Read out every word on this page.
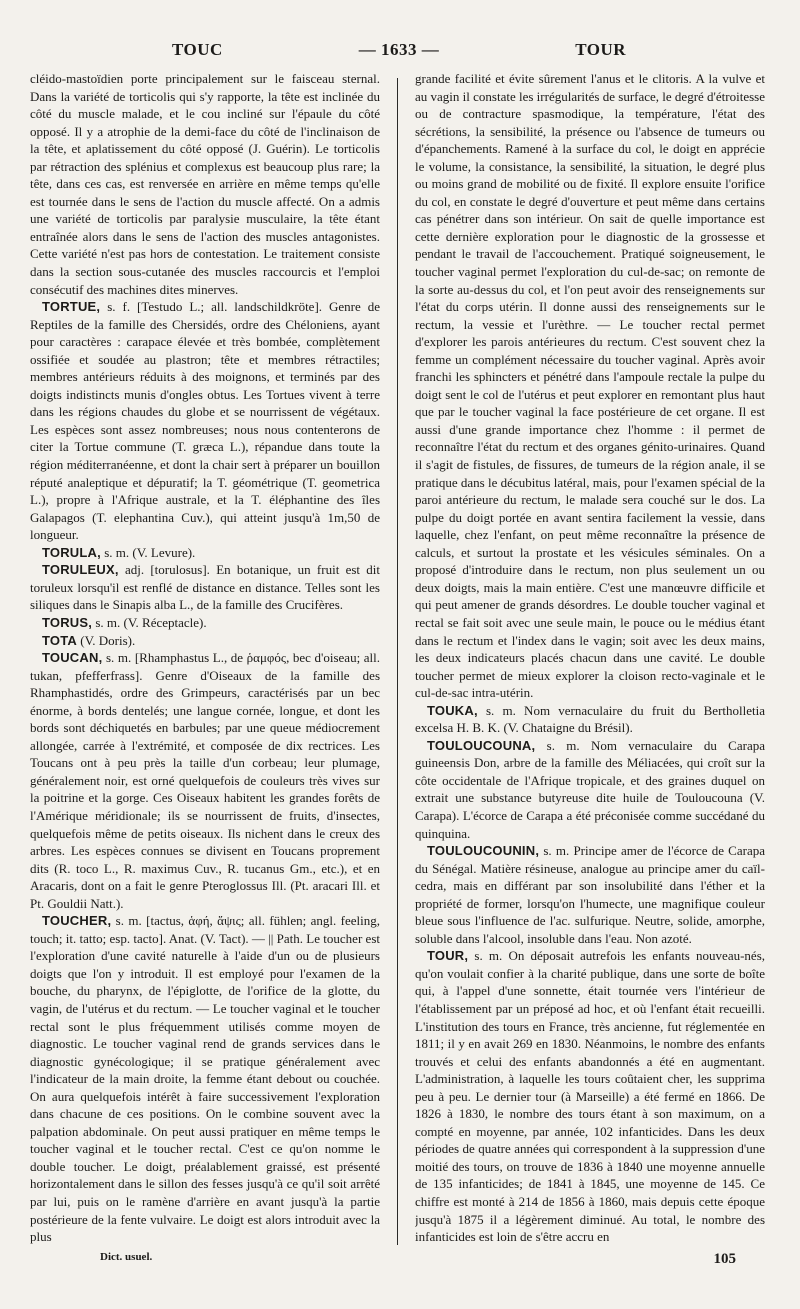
TOUC	— 1633 —	TOUR

cléido-mastoïdien porte principalement sur le faisceau sternal. Dans la variété de torticolis qui s'y rapporte, la tête est inclinée du côté du muscle malade, et le cou incliné sur l'épaule du côté opposé. Il y a atrophie de la demi-face du côté de l'inclinaison de la tête, et aplatissement du côté opposé (J. Guérin). Le torticolis par rétraction des splénius et complexus est beaucoup plus rare; la tête, dans ces cas, est renversée en arrière en même temps qu'elle est tournée dans le sens de l'action du muscle affecté. On a admis une variété de torticolis par paralysie musculaire, la tête étant entraînée alors dans le sens de l'action des muscles antagonistes. Cette variété n'est pas hors de contestation. Le traitement consiste dans la section sous-cutanée des muscles raccourcis et l'emploi consécutif des machines dites minerves.

TORTUE, s. f. [Testudo L.; all. landschildkröte]. Genre de Reptiles de la famille des Chersidés, ordre des Chéloniens, ayant pour caractères : carapace élevée et très bombée, complètement ossifiée et soudée au plastron; tête et membres rétractiles; membres antérieurs réduits à des moignons, et terminés par des doigts indistincts munis d'ongles obtus. Les Tortues vivent à terre dans les régions chaudes du globe et se nourrissent de végétaux. Les espèces sont assez nombreuses; nous nous contenterons de citer la Tortue commune (T. græca L.), répandue dans toute la région méditerranéenne, et dont la chair sert à préparer un bouillon réputé analeptique et dépuratif; la T. géométrique (T. geometrica L.), propre à l'Afrique australe, et la T. éléphantine des îles Galapagos (T. elephantina Cuv.), qui atteint jusqu'à 1m,50 de longueur.

TORULA, s. m. (V. Levure).

TORULEUX, adj. [torulosus]. En botanique, un fruit est dit toruleux lorsqu'il est renflé de distance en distance. Telles sont les siliques dans le Sinapis alba L., de la famille des Crucifères.

TORUS, s. m. (V. Réceptacle).

TOTA (V. Doris).

TOUCAN, s. m. [Rhamphastus L., de ῥαμφός, bec d'oiseau; all. tukan, pfefferfrass]. Genre d'Oiseaux de la famille des Rhamphastidés, ordre des Grimpeurs, caractérisés par un bec énorme, à bords dentelés; une langue cornée, longue, et dont les bords sont déchiquetés en barbules; par une queue médiocrement allongée, carrée à l'extrémité, et composée de dix rectrices. Les Toucans ont à peu près la taille d'un corbeau; leur plumage, généralement noir, est orné quelquefois de couleurs très vives sur la poitrine et la gorge. Ces Oiseaux habitent les grandes forêts de l'Amérique méridionale; ils se nourrissent de fruits, d'insectes, quelquefois même de petits oiseaux. Ils nichent dans le creux des arbres. Les espèces connues se divisent en Toucans proprement dits (R. toco L., R. maximus Cuv., R. tucanus Gm., etc.), et en Aracaris, dont on a fait le genre Pteroglossus Ill. (Pt. aracari Ill. et Pt. Gouldii Natt.).

TOUCHER, s. m. [tactus, ἁφή, ἅψις; all. fühlen; angl. feeling, touch; it. tatto; esp. tacto]. Anat. (V. Tact). — || Path. Le toucher est l'exploration d'une cavité naturelle à l'aide d'un ou de plusieurs doigts que l'on y introduit. Il est employé pour l'examen de la bouche, du pharynx, de l'épiglotte, de l'orifice de la glotte, du vagin, de l'utérus et du rectum. — Le toucher vaginal et le toucher rectal sont le plus fréquemment utilisés comme moyen de diagnostic. Le toucher vaginal rend de grands services dans le diagnostic gynécologique; il se pratique généralement avec l'indicateur de la main droite, la femme étant debout ou couchée. On aura quelquefois intérêt à faire successivement l'exploration dans chacune de ces positions. On le combine souvent avec la palpation abdominale. On peut aussi pratiquer en même temps le toucher vaginal et le toucher rectal. C'est ce qu'on nomme le double toucher. Le doigt, préalablement graissé, est présenté horizontalement dans le sillon des fesses jusqu'à ce qu'il soit arrêté par lui, puis on le ramène d'arrière en avant jusqu'à la partie postérieure de la fente vulvaire. Le doigt est alors introduit avec la plus

grande facilité et évite sûrement l'anus et le clitoris. A la vulve et au vagin il constate les irrégularités de surface, le degré d'étroitesse ou de contracture spasmodique, la température, l'état des sécrétions, la sensibilité, la présence ou l'absence de tumeurs ou d'épanchements. Ramené à la surface du col, le doigt en apprécie le volume, la consistance, la sensibilité, la situation, le degré plus ou moins grand de mobilité ou de fixité. Il explore ensuite l'orifice du col, en constate le degré d'ouverture et peut même dans certains cas pénétrer dans son intérieur. On sait de quelle importance est cette dernière exploration pour le diagnostic de la grossesse et pendant le travail de l'accouchement. Pratiqué soigneusement, le toucher vaginal permet l'exploration du cul-de-sac; on remonte de la sorte au-dessus du col, et l'on peut avoir des renseignements sur l'état du corps utérin. Il donne aussi des renseignements sur le rectum, la vessie et l'urèthre. — Le toucher rectal permet d'explorer les parois antérieures du rectum. C'est souvent chez la femme un complément nécessaire du toucher vaginal. Après avoir franchi les sphincters et pénétré dans l'ampoule rectale la pulpe du doigt sent le col de l'utérus et peut explorer en remontant plus haut que par le toucher vaginal la face postérieure de cet organe. Il est aussi d'une grande importance chez l'homme : il permet de reconnaître l'état du rectum et des organes génito-urinaires. Quand il s'agit de fistules, de fissures, de tumeurs de la région anale, il se pratique dans le décubitus latéral, mais, pour l'examen spécial de la paroi antérieure du rectum, le malade sera couché sur le dos. La pulpe du doigt portée en avant sentira facilement la vessie, dans laquelle, chez l'enfant, on peut même reconnaître la présence de calculs, et surtout la prostate et les vésicules séminales. On a proposé d'introduire dans le rectum, non plus seulement un ou deux doigts, mais la main entière. C'est une manœuvre difficile et qui peut amener de grands désordres. Le double toucher vaginal et rectal se fait soit avec une seule main, le pouce ou le médius étant dans le rectum et l'index dans le vagin; soit avec les deux mains, les deux indicateurs placés chacun dans une cavité. Le double toucher permet de mieux explorer la cloison recto-vaginale et le cul-de-sac intra-utérin.

TOUKA, s. m. Nom vernaculaire du fruit du Bertholletia excelsa H. B. K. (V. Chataigne du Brésil).

TOULOUCOUNA, s. m. Nom vernaculaire du Carapa guineensis Don, arbre de la famille des Méliacées, qui croît sur la côte occidentale de l'Afrique tropicale, et des graines duquel on extrait une substance butyreuse dite huile de Touloucouna (V. Carapa). L'écorce de Carapa a été préconisée comme succédané du quinquina.

TOULOUCOUNIN, s. m. Principe amer de l'écorce de Carapa du Sénégal. Matière résineuse, analogue au principe amer du caïl-cedra, mais en différant par son insolubilité dans l'éther et la propriété de former, lorsqu'on l'humecte, une magnifique couleur bleue sous l'influence de l'ac. sulfurique. Neutre, solide, amorphe, soluble dans l'alcool, insoluble dans l'eau. Non azoté.

TOUR, s. m. On déposait autrefois les enfants nouveau-nés, qu'on voulait confier à la charité publique, dans une sorte de boîte qui, à l'appel d'une sonnette, était tournée vers l'intérieur de l'établissement par un préposé ad hoc, et où l'enfant était recueilli. L'institution des tours en France, très ancienne, fut réglementée en 1811; il y en avait 269 en 1830. Néanmoins, le nombre des enfants trouvés et celui des enfants abandonnés a été en augmentant. L'administration, à laquelle les tours coûtaient cher, les supprima peu à peu. Le dernier tour (à Marseille) a été fermé en 1866. De 1826 à 1830, le nombre des tours étant à son maximum, on a compté en moyenne, par année, 102 infanticides. Dans les deux périodes de quatre années qui correspondent à la suppression d'une moitié des tours, on trouve de 1836 à 1840 une moyenne annuelle de 135 infanticides; de 1841 à 1845, une moyenne de 145. Ce chiffre est monté à 214 de 1856 à 1860, mais depuis cette époque jusqu'à 1875 il a légèrement diminué. Au total, le nombre des infanticides est loin de s'être accru en

Dict. usuel.	105
